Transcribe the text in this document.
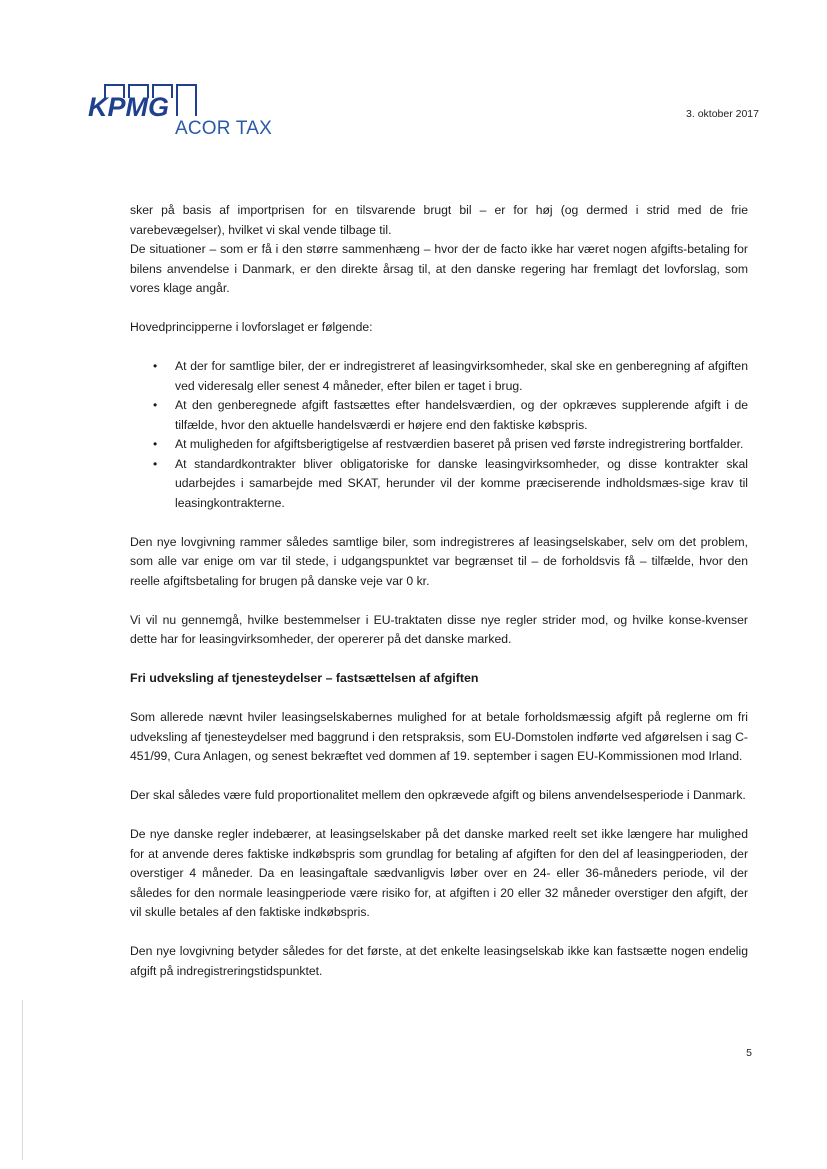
KPMG
ACOR TAX
3. oktober 2017

sker på basis af importprisen for en tilsvarende brugt bil – er for høj (og dermed i strid med de frie varebevægelser), hvilket vi skal vende tilbage til.

De situationer – som er få i den større sammenhæng – hvor der de facto ikke har været nogen afgifts-betaling for bilens anvendelse i Danmark, er den direkte årsag til, at den danske regering har fremlagt det lovforslag, som vores klage angår.

Hovedprincipperne i lovforslaget er følgende:

• At der for samtlige biler, der er indregistreret af leasingvirksomheder, skal ske en genberegning af afgiften ved videresalg eller senest 4 måneder, efter bilen er taget i brug.
• At den genberegnede afgift fastsættes efter handelsværdien, og der opkræves supplerende afgift i de tilfælde, hvor den aktuelle handelsværdi er højere end den faktiske købspris.
• At muligheden for afgiftsberigtigelse af restværdien baseret på prisen ved første indregistrering bortfalder.
• At standardkontrakter bliver obligatoriske for danske leasingvirksomheder, og disse kontrakter skal udarbejdes i samarbejde med SKAT, herunder vil der komme præciserende indholdsmæs-sige krav til leasingkontrakterne.

Den nye lovgivning rammer således samtlige biler, som indregistreres af leasingselskaber, selv om det problem, som alle var enige om var til stede, i udgangspunktet var begrænset til – de forholdsvis få – tilfælde, hvor den reelle afgiftsbetaling for brugen på danske veje var 0 kr.

Vi vil nu gennemgå, hvilke bestemmelser i EU-traktaten disse nye regler strider mod, og hvilke konse-kvenser dette har for leasingvirksomheder, der opererer på det danske marked.

Fri udveksling af tjenesteydelser – fastsættelsen af afgiften

Som allerede nævnt hviler leasingselskabernes mulighed for at betale forholdsmæssig afgift på reglerne om fri udveksling af tjenesteydelser med baggrund i den retspraksis, som EU-Domstolen indførte ved afgørelsen i sag C-451/99, Cura Anlagen, og senest bekræftet ved dommen af 19. september i sagen EU-Kommissionen mod Irland.

Der skal således være fuld proportionalitet mellem den opkrævede afgift og bilens anvendelsesperiode i Danmark.

De nye danske regler indebærer, at leasingselskaber på det danske marked reelt set ikke længere har mulighed for at anvende deres faktiske indkøbspris som grundlag for betaling af afgiften for den del af leasingperioden, der overstiger 4 måneder. Da en leasingaftale sædvanligvis løber over en 24- eller 36-måneders periode, vil der således for den normale leasingperiode være risiko for, at afgiften i 20 eller 32 måneder overstiger den afgift, der vil skulle betales af den faktiske indkøbspris.

Den nye lovgivning betyder således for det første, at det enkelte leasingselskab ikke kan fastsætte nogen endelig afgift på indregistreringstidspunktet.

5
